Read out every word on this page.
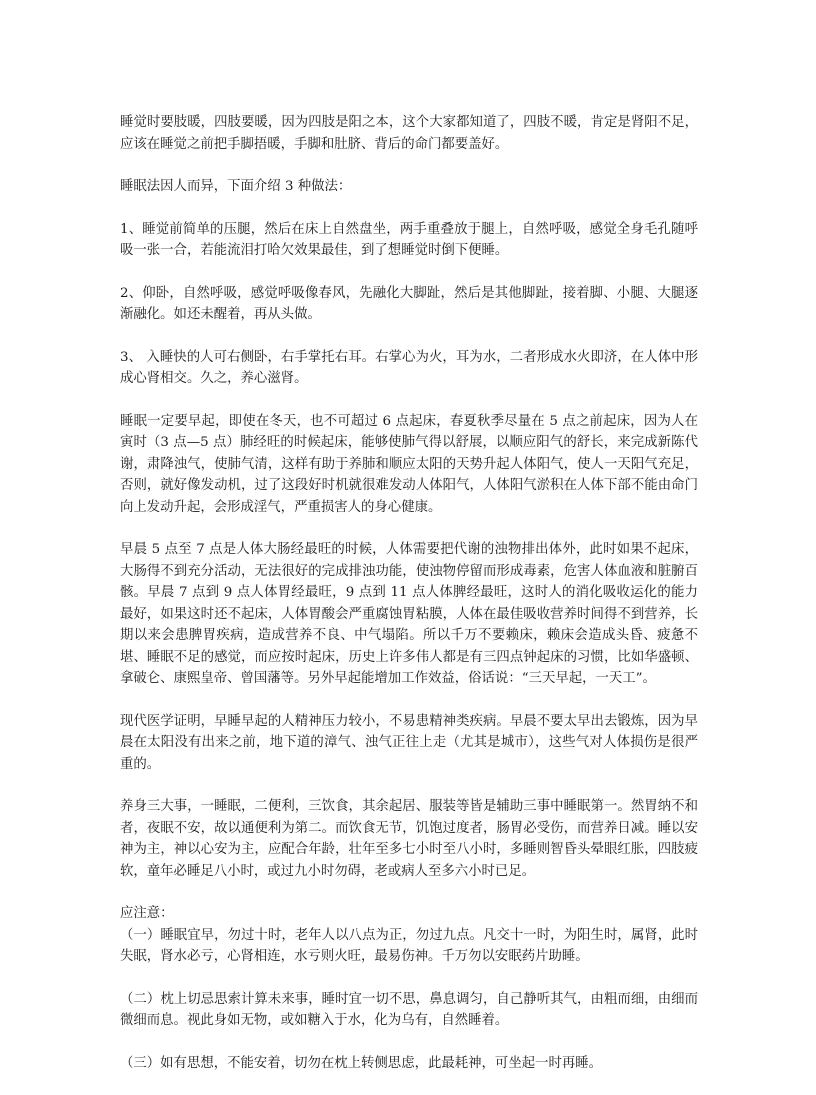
睡觉时要肢暖，四肢要暖，因为四肢是阳之本，这个大家都知道了，四肢不暖，肯定是肾阳不足，应该在睡觉之前把手脚捂暖，手脚和肚脐、背后的命门都要盖好。

睡眠法因人而异，下面介绍 3 种做法：

1、睡觉前简单的压腿，然后在床上自然盘坐，两手重叠放于腿上，自然呼吸，感觉全身毛孔随呼吸一张一合，若能流泪打哈欠效果最佳，到了想睡觉时倒下便睡。

2、仰卧，自然呼吸，感觉呼吸像春风，先融化大脚趾，然后是其他脚趾，接着脚、小腿、大腿逐渐融化。如还未醒着，再从头做。

3、 入睡快的人可右侧卧，右手掌托右耳。右掌心为火，耳为水，二者形成水火即济，在人体中形成心肾相交。久之，养心滋肾。

睡眠一定要早起，即使在冬天，也不可超过 6 点起床，春夏秋季尽量在 5 点之前起床，因为人在寅时（3 点—5 点）肺经旺的时候起床，能够使肺气得以舒展，以顺应阳气的舒长，来完成新陈代谢，肃降浊气，使肺气清，这样有助于养肺和顺应太阳的天势升起人体阳气，使人一天阳气充足，否则，就好像发动机，过了这段好时机就很难发动人体阳气，人体阳气淤积在人体下部不能由命门向上发动升起，会形成淫气，严重损害人的身心健康。

早晨 5 点至 7 点是人体大肠经最旺的时候，人体需要把代谢的浊物排出体外，此时如果不起床，大肠得不到充分活动，无法很好的完成排浊功能，使浊物停留而形成毒素，危害人体血液和脏腑百骸。早晨 7 点到 9 点人体胃经最旺，9 点到 11 点人体脾经最旺，这时人的消化吸收运化的能力最好，如果这时还不起床，人体胃酸会严重腐蚀胃粘膜，人体在最佳吸收营养时间得不到营养，长期以来会患脾胃疾病，造成营养不良、中气塌陷。所以千万不要赖床，赖床会造成头昏、疲惫不堪、睡眠不足的感觉，而应按时起床，历史上许多伟人都是有三四点钟起床的习惯，比如华盛顿、拿破仑、康熙皇帝、曾国藩等。另外早起能增加工作效益，俗话说：“三天早起，一天工”。

现代医学证明，早睡早起的人精神压力较小，不易患精神类疾病。早晨不要太早出去锻炼，因为早晨在太阳没有出来之前，地下道的漳气、浊气正往上走（尤其是城市），这些气对人体损伤是很严重的。

养身三大事，一睡眠，二便利，三饮食，其余起居、服装等皆是辅助三事中睡眠第一。然胃纳不和者，夜眠不安，故以通便利为第二。而饮食无节，饥饱过度者，肠胃必受伤，而营养日减。睡以安神为主，神以心安为主，应配合年龄，壮年至多七小时至八小时，多睡则智昏头晕眼红胀，四肢疲软，童年必睡足八小时，或过九小时勿碍，老或病人至多六小时已足。

应注意：

（一）睡眠宜早，勿过十时，老年人以八点为正，勿过九点。凡交十一时，为阳生时，属肾，此时失眠，肾水必亏，心肾相连，水亏则火旺，最易伤神。千万勿以安眠药片助睡。

（二）枕上切忌思索计算未来事，睡时宜一切不思，鼻息调匀，自己静听其气，由粗而细，由细而微细而息。视此身如无物，或如糖入于水，化为乌有，自然睡着。

（三）如有思想，不能安着，切勿在枕上转侧思虑，此最耗神，可坐起一时再睡。
